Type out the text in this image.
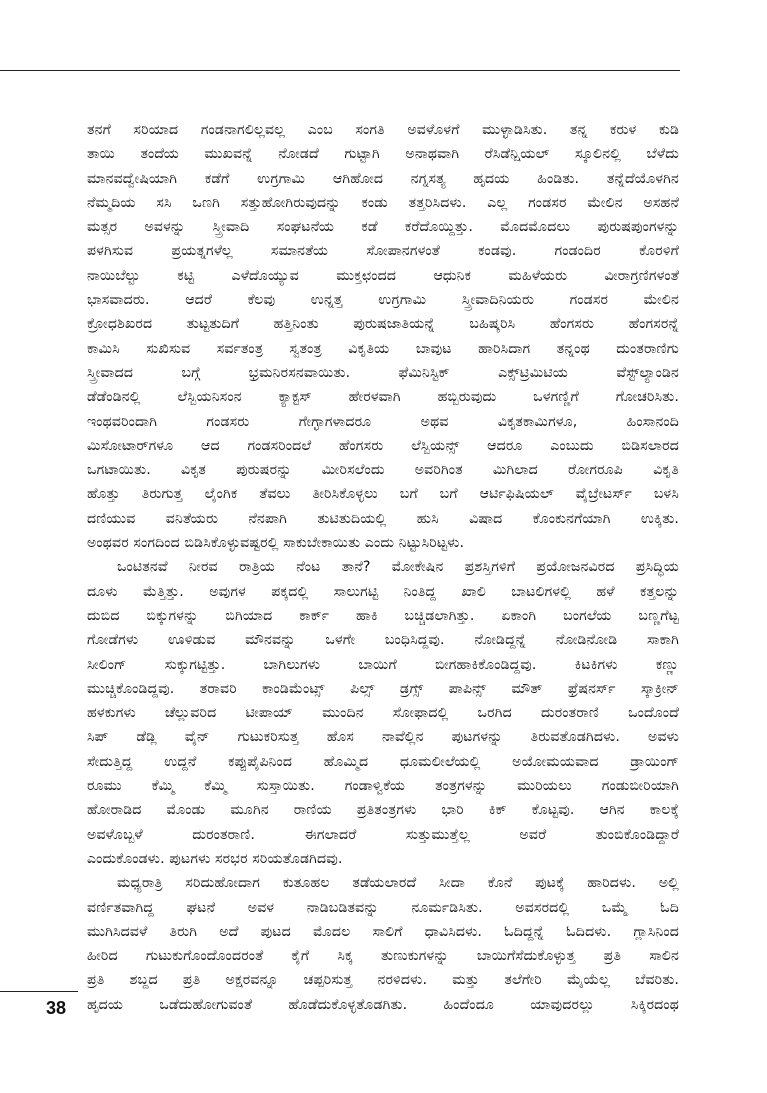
ತನಗೆ ಸರಿಯಾದ ಗಂಡನಾಗಲಿಲ್ಲವಲ್ಲ ಎಂಬ ಸಂಗತಿ ಅವಳೊಳಗೆ ಮುಳ್ಳಾಡಿಸಿತು. ತನ್ನ ಕರುಳ ಕುಡಿ
ತಾಯಿ ತಂದೆಯ ಮುಖವನ್ನೆ ನೋಡದೆ ಗುಟ್ಟಾಗಿ ಅನಾಥವಾಗಿ ರೆಸಿಡೆನ್ಷಿಯಲ್ ಸ್ಕೂಲಿನಲ್ಲಿ ಬೆಳೆದು
ಮಾನವದ್ವೇಷಿಯಾಗಿ ಕಡೆಗೆ ಉಗ್ರಗಾಮಿ ಆಗಿಹೋದ ನಗ್ನಸತ್ಯ ಹೃದಯ ಹಿಂಡಿತು. ತನ್ನೆದೆಯೊಳಗಿನ
ನೆಮ್ಮದಿಯ ಸಸಿ ಒಣಗಿ ಸತ್ತುಹೋಗಿರುವುದನ್ನು ಕಂಡು ತತ್ತರಿಸಿದಳು. ಎಲ್ಲ ಗಂಡಸರ ಮೇಲಿನ ಅಸಹನೆ
ಮತ್ಸರ ಅವಳನ್ನು ಸ್ತ್ರೀವಾದಿ ಸಂಘಟನೆಯ ಕಡೆ ಕರೆದೊಯ್ದಿತ್ತು. ಮೊದಮೊದಲು ಪುರುಷಪುಂಗಳನ್ನು
ಪಳಗಿಸುವ ಪ್ರಯತ್ನಗಳೆಲ್ಲ ಸಮಾನತೆಯ ಸೋಪಾನಗಳಂತೆ ಕಂಡವು. ಗಂಡಂದಿರ ಕೊರಳಿಗೆ
ನಾಯಿಬೆಲ್ಟು ಕಟ್ಟಿ ಎಳೆದೊಯ್ಯುವ ಮುಕ್ತಛಂದದ ಆಧುನಿಕ ಮಹಿಳೆಯರು ವೀರಾಗ್ರಣಿಗಳಂತೆ
ಭಾಸವಾದರು. ಆದರೆ ಕೆಲವು ಉನ್ನತ್ತ ಉಗ್ರಗಾಮಿ ಸ್ತ್ರೀವಾದಿನಿಯರು ಗಂಡಸರ ಮೇಲಿನ
ಕ್ರೋಧಶಿಖರದ ತುಟ್ಟತುದಿಗೆ ಹತ್ತಿನಿಂತು ಪುರುಷಜಾತಿಯನ್ನೆ ಬಹಿಷ್ಕರಿಸಿ ಹೆಂಗಸರು ಹೆಂಗಸರನ್ನೆ
ಕಾಮಿಸಿ ಸುಖಿಸುವ ಸರ್ವತಂತ್ರ ಸ್ವತಂತ್ರ ವಿಕೃತಿಯ ಬಾವುಟ ಹಾರಿಸಿದಾಗ ತನ್ನಂಥ ದುಂತರಾಣಿಗು
ಸ್ತ್ರೀವಾದದ ಬಗ್ಗೆ ಭ್ರಮನಿರಸನವಾಯಿತು. ಫೆಮಿನಿಸ್ಟಿಕ್ ಎಕ್ಸ್‌ಟ್ರಿಮಿಟಿಯ ವೆಸ್ಟ್‌ಲ್ಯಾಂಡಿನ
ಡೆಡೆಂಡಿನಲ್ಲಿ ಲೆಸ್ಬಿಯನಿಸಂನ ಕ್ಯಾಕ್ಟಸ್ ಹೇರಳವಾಗಿ ಹಬ್ಬಿರುವುದು ಒಳಗಣ್ಣಿಗೆ ಗೋಚರಿಸಿತು.
ಇಂಥವರಿಂದಾಗಿ ಗಂಡಸರು ಗೇಗ್ಳಾಗಳಾದರೂ ಅಥವ ವಿಕೃತಕಾಮಿಗಳೂ, ಹಿಂಸಾನಂದಿ
ಮಿಸೋಟಾರ್‌ಗಳೂ ಆದ ಗಂಡಸರಿಂದಲೆ ಹೆಂಗಸರು ಲೆಸ್ಬಿಯನ್ಸ್ ಆದರೂ ಎಂಬುದು ಬಿಡಿಸಲಾರದ
ಒಗಟಾಯಿತು. ವಿಕೃತ ಪುರುಷರನ್ನು ಮೀರಿಸಲೆಂದು ಅವರಿಗಿಂತ ಮಿಗಿಲಾದ ರೋಗರೂಪಿ ವಿಕೃತಿ
ಹೊತ್ತು ತಿರುಗುತ್ತ ಲೈಂಗಿಕ ತೆವಲು ತೀರಿಸಿಕೊಳ್ಳಲು ಬಗೆ ಬಗೆ ಆರ್ಟಿಫಿಷಿಯಲ್ ವೈಬ್ರೇಟರ್ಸ್ ಬಳಸಿ
ದಣಿಯುವ ವನಿತೆಯರು ನೆನಪಾಗಿ ತುಟಿತುದಿಯಲ್ಲಿ ಹುಸಿ ವಿಷಾದ ಕೊಂಕುನಗೆಯಾಗಿ ಉಕ್ಕಿತು.
ಅಂಥವರ ಸಂಗದಿಂದ ಬಿಡಿಸಿಕೊಳ್ಳುವಷ್ಟರಲ್ಲಿ ಸಾಕುಬೇಕಾಯಿತು ಎಂದು ನಿಟ್ಟುಸಿರಿಟ್ಟಳು.
ಒಂಟಿತನವೆ ನೀರವ ರಾತ್ರಿಯ ನೆಂಟ ತಾನೆ? ಮೋಕೇಷಿನ ಪ್ರಶಸ್ತಿಗಳಿಗೆ ಪ್ರಯೋಜನವಿರದ ಪ್ರಸಿದ್ಧಿಯ
ದೂಳು ಮೆತ್ತಿತ್ತು. ಅವುಗಳ ಪಕ್ಕದಲ್ಲಿ ಸಾಲುಗಟ್ಟಿ ನಿಂತಿದ್ದ ಖಾಲಿ ಬಾಟಲಿಗಳಲ್ಲಿ ಹಳೆ ಕತ್ತಲನ್ನು
ದುಬಿದ ಬಿಕ್ಕುಗಳನ್ನು ಬಿಗಿಯಾದ ಕಾರ್ಕ್ ಹಾಕಿ ಬಚ್ಚಿಡಲಾಗಿತ್ತು. ಏಕಾಂಗಿ ಬಂಗಲೆಯ ಬಣ್ಣಗೆಟ್ಟ
ಗೋಡೆಗಳು ಊಳಿಡುವ ಮೌನವನ್ನು ಒಳಗೇ ಬಂಧಿಸಿದ್ದವು. ನೋಡಿದ್ದನ್ನೆ ನೋಡಿನೋಡಿ ಸಾಕಾಗಿ
ಸೀಲಿಂಗ್ ಸುಕ್ಕುಗಟ್ಟಿತ್ತು. ಬಾಗಿಲುಗಳು ಬಾಯಿಗೆ ಬೀಗಹಾಕಿಕೊಂಡಿದ್ದವು. ಕಿಟಕಿಗಳು ಕಣ್ಣು
ಮುಚ್ಚಿಕೊಂಡಿದ್ದವು. ತರಾವರಿ ಕಾಂಡಿಮೆಂಟ್ಸ್ ಪಿಲ್ಸ್ ಡ್ರಗ್ಸ್ ಪಾಪಿನ್ಸ್ ಮೌತ್ ಫ್ರೆಷನರ್ಸ್ ಸ್ಕಾಕ್ರೀನ್
ಹಳಕುಗಳು ಚೆಲ್ಲುವರಿದ ಟೀಪಾಯ್ ಮುಂದಿನ ಸೋಫಾದಲ್ಲಿ ಒರಗಿದ ದುರಂತರಾಣಿ ಒಂದೊಂದೆ
ಸಿಪ್ ಡೆಡ್ಲಿ ವೈನ್ ಗುಟುಕರಿಸುತ್ತ ಹೊಸ ನಾವೆಲ್ಲಿನ ಪುಟಗಳನ್ನು ತಿರುವತೊಡಗಿದಳು. ಅವಳು
ಸೇದುತ್ತಿದ್ದ ಉದ್ದನೆ ಕಪ್ಪುಪೈಪಿನಿಂದ ಹೊಮ್ಮಿದ ಧೂಮಲೀಲೆಯಲ್ಲಿ ಅಯೋಮಯವಾದ ಡ್ರಾಯಿಂಗ್
ರೂಮು ಕೆಮ್ಮಿ ಕೆಮ್ಮಿ ಸುಸ್ತಾಯಿತು. ಗಂಡಾಳ್ವಿಕೆಯ ತಂತ್ರಗಳನ್ನು ಮುರಿಯಲು ಗಂಡುಬೀರಿಯಾಗಿ
ಹೋರಾಡಿದ ಮೊಂಡು ಮೂಗಿನ ರಾಣಿಯ ಪ್ರತಿತಂತ್ರಗಳು ಭಾರಿ ಕಿಕ್ ಕೊಟ್ಟವು. ಆಗಿನ ಕಾಲಕ್ಕೆ
ಅವಳೊಬ್ಬಳೆ ದುರಂತರಾಣಿ. ಈಗಲಾದರೆ ಸುತ್ತುಮುತ್ತೆಲ್ಲ ಅವರೆ ತುಂಬಿಕೊಂಡಿದ್ದಾರೆ
ಎಂದುಕೊಂಡಳು. ಪುಟಗಳು ಸರಭರ ಸರಿಯತೊಡಗಿದವು.
ಮಧ್ಯರಾತ್ರಿ ಸರಿದುಹೋದಾಗ ಕುತೂಹಲ ತಡೆಯಲಾರದೆ ಸೀದಾ ಕೊನೆ ಪುಟಕ್ಕೆ ಹಾರಿದಳು. ಅಲ್ಲಿ
ವರ್ಣಿತವಾಗಿದ್ದ ಘಟನೆ ಅವಳ ನಾಡಿಬಡಿತವನ್ನು ನೂರ್ಮಡಿಸಿತು. ಅವಸರದಲ್ಲಿ ಒಮ್ಮೆ ಓದಿ
ಮುಗಿಸಿದವಳೆ ತಿರುಗಿ ಅದೆ ಪುಟದ ಮೊದಲ ಸಾಲಿಗೆ ಧಾವಿಸಿದಳು. ಓದಿದ್ದನ್ನೆ ಓದಿದಳು. ಗ್ಲಾಸಿನಿಂದ
ಹೀರಿದ ಗುಟುಕುಗೊಂದೊಂದರಂತೆ ಕೈಗೆ ಸಿಕ್ಕ ತುಣುಕುಗಳನ್ನು ಬಾಯಿಗೆಸೆದುಕೊಳ್ಳುತ್ತ ಪ್ರತಿ ಸಾಲಿನ
ಪ್ರತಿ ಶಬ್ದದ ಪ್ರತಿ ಅಕ್ಷರವನ್ನೂ ಚಪ್ಪರಿಸುತ್ತ ನರಳಿದಳು. ಮತ್ತು ತಲೆಗೇರಿ ಮೈಯೆಲ್ಲ ಬೆವರಿತು.
ಹೃದಯ ಒಡೆದುಹೋಗುವಂತೆ ಹೊಡೆದುಕೊಳ್ಳತೊಡಗಿತು. ಹಿಂದೆಂದೂ ಯಾವುದರಲ್ಲು ಸಿಕ್ಕಿರದಂಥ
38
